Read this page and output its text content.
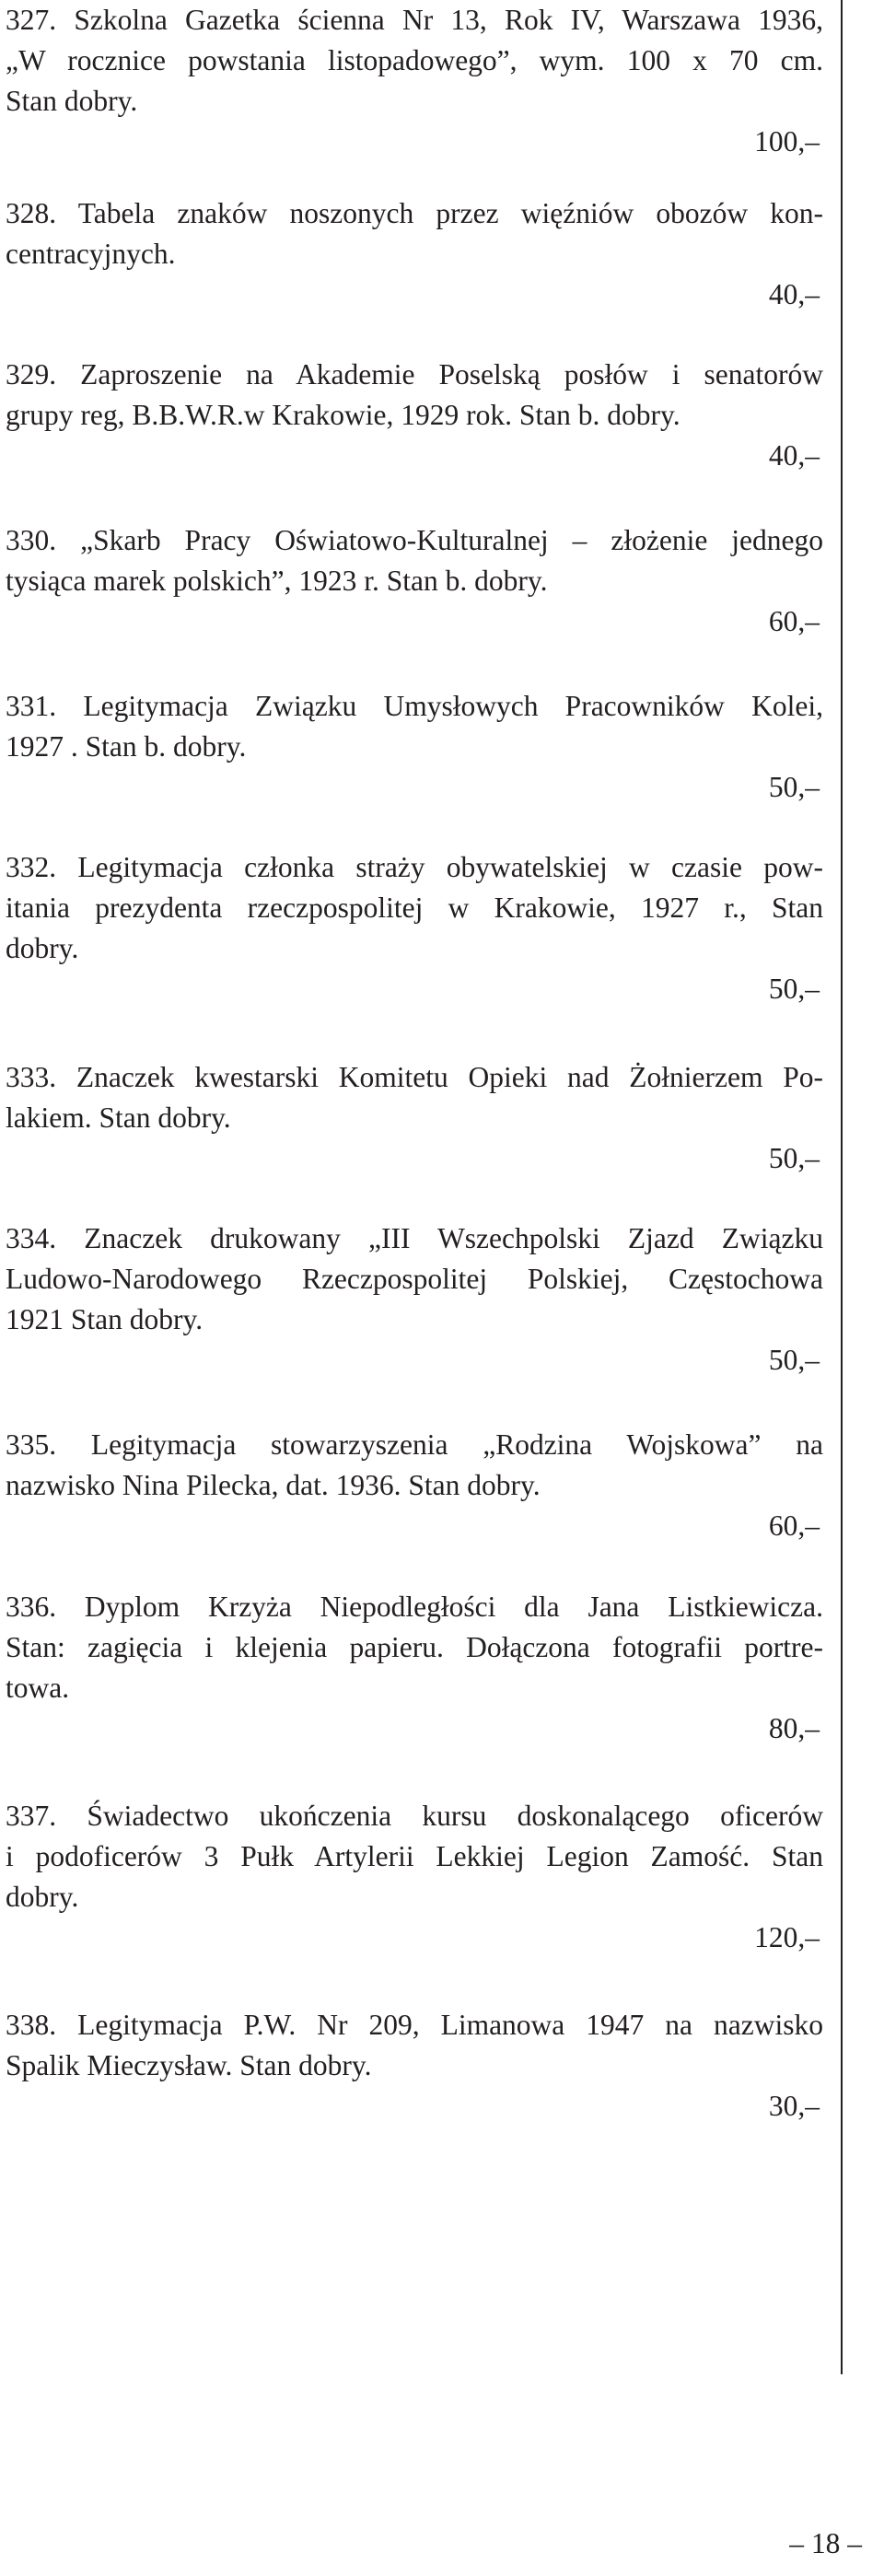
327. Szkolna Gazetka ścienna Nr 13, Rok IV, Warszawa 1936,
„W rocznice powstania listopadowego”, wym. 100 x 70 cm.
Stan dobry.
100,–
328. Tabela znaków noszonych przez więźniów obozów kon-
centracyjnych.
40,–
329. Zaproszenie na Akademie Poselską posłów i senatorów
grupy reg, B.B.W.R.w Krakowie, 1929 rok. Stan b. dobry.
40,–
330. „Skarb Pracy Oświatowo-Kulturalnej – złożenie jednego
tysiąca marek polskich”, 1923 r. Stan b. dobry.
60,–
331. Legitymacja Związku Umysłowych Pracowników Kolei,
1927 . Stan b. dobry.
50,–
332. Legitymacja członka straży obywatelskiej w czasie pow-
itania prezydenta rzeczpospolitej w Krakowie, 1927 r., Stan
dobry.
50,–
333. Znaczek kwestarski Komitetu Opieki nad Żołnierzem Po-
lakiem. Stan dobry.
50,–
334. Znaczek drukowany „III Wszechpolski Zjazd Związku
Ludowo-Narodowego Rzeczpospolitej Polskiej, Częstochowa
1921 Stan dobry.
50,–
335. Legitymacja stowarzyszenia „Rodzina Wojskowa” na
nazwisko Nina Pilecka, dat. 1936. Stan dobry.
60,–
336. Dyplom Krzyża Niepodległości dla Jana Listkiewicza.
Stan: zagięcia i klejenia papieru. Dołączona fotografii portre-
towa.
80,–
337. Świadectwo ukończenia kursu doskonalącego oficerów
i podoficerów 3 Pułk Artylerii Lekkiej Legion Zamość. Stan
dobry.
120,–
338. Legitymacja P.W. Nr 209, Limanowa 1947 na nazwisko
Spalik Mieczysław. Stan dobry.
30,–
– 18 –
